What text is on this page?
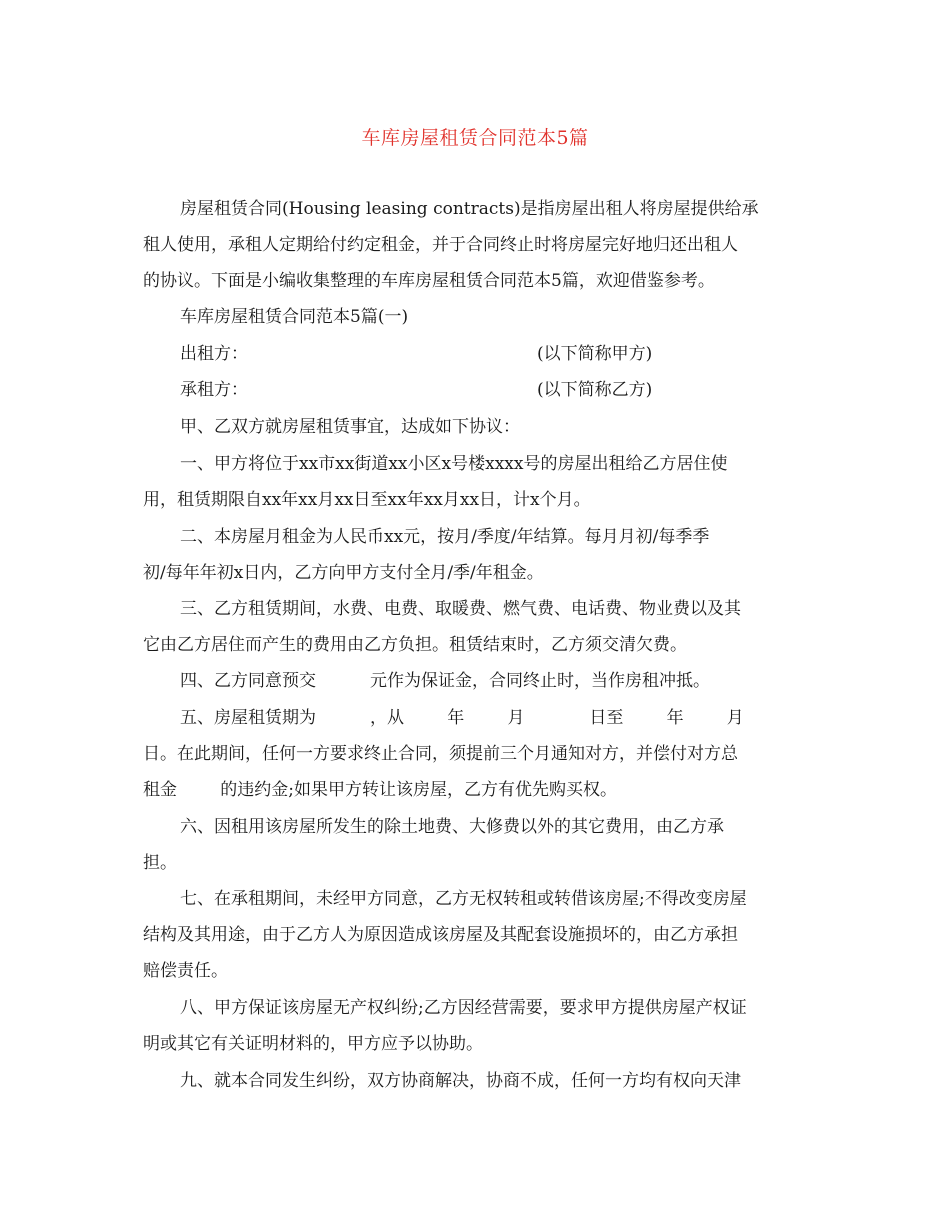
车库房屋租赁合同范本5篇
房屋租赁合同(Housing leasing contracts)是指房屋出租人将房屋提供给承
租人使用，承租人定期给付约定租金，并于合同终止时将房屋完好地归还出租人
的协议。下面是小编收集整理的车库房屋租赁合同范本5篇，欢迎借鉴参考。
车库房屋租赁合同范本5篇(一)
出租方：	(以下简称甲方)
承租方：	(以下简称乙方)
甲、乙双方就房屋租赁事宜，达成如下协议：
一、甲方将位于xx市xx街道xx小区x号楼xxxx号的房屋出租给乙方居住使
用，租赁期限自xx年xx月xx日至xx年xx月xx日，计x个月。
二、本房屋月租金为人民币xx元，按月/季度/年结算。每月月初/每季季
初/每年年初x日内，乙方向甲方支付全月/季/年租金。
三、乙方租赁期间，水费、电费、取暖费、燃气费、电话费、物业费以及其
它由乙方居住而产生的费用由乙方负担。租赁结束时，乙方须交清欠费。
四、乙方同意预交          元作为保证金，合同终止时，当作房租冲抵。
五、房屋租赁期为          ，从        年        月            日至        年        月
日。在此期间，任何一方要求终止合同，须提前三个月通知对方，并偿付对方总
租金        的违约金;如果甲方转让该房屋，乙方有优先购买权。
六、因租用该房屋所发生的除土地费、大修费以外的其它费用，由乙方承
担。
七、在承租期间，未经甲方同意，乙方无权转租或转借该房屋;不得改变房屋
结构及其用途，由于乙方人为原因造成该房屋及其配套设施损坏的，由乙方承担
赔偿责任。
八、甲方保证该房屋无产权纠纷;乙方因经营需要，要求甲方提供房屋产权证
明或其它有关证明材料的，甲方应予以协助。
九、就本合同发生纠纷，双方协商解决，协商不成，任何一方均有权向天津
